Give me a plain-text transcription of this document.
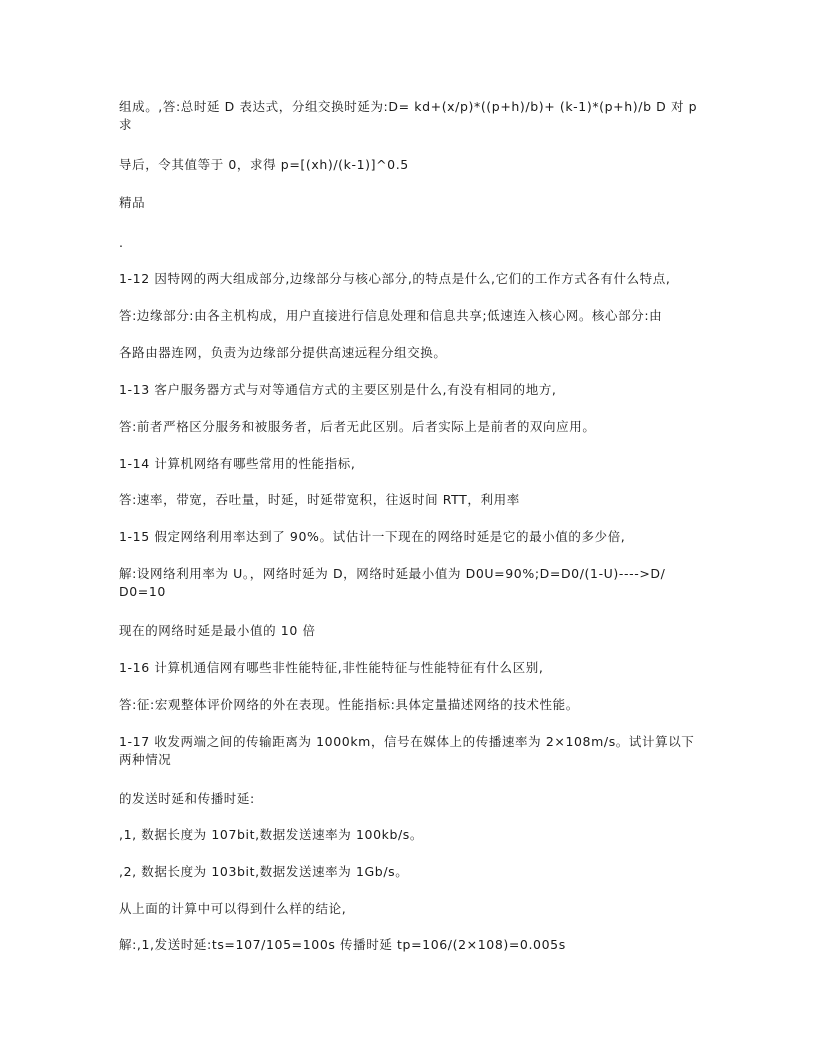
组成。,答:总时延 D 表达式，分组交换时延为:D= kd+(x/p)*((p+h)/b)+ (k-1)*(p+h)/b D 对 p 求
导后，令其值等于 0，求得 p=[(xh)/(k-1)]^0.5
精品
.
1-12 因特网的两大组成部分,边缘部分与核心部分,的特点是什么,它们的工作方式各有什么特点,
答:边缘部分:由各主机构成，用户直接进行信息处理和信息共享;低速连入核心网。核心部分:由
各路由器连网，负责为边缘部分提供高速远程分组交换。
1-13 客户服务器方式与对等通信方式的主要区别是什么,有没有相同的地方,
答:前者严格区分服务和被服务者，后者无此区别。后者实际上是前者的双向应用。
1-14 计算机网络有哪些常用的性能指标,
答:速率，带宽，吞吐量，时延，时延带宽积，往返时间 RTT，利用率
1-15 假定网络利用率达到了 90%。试估计一下现在的网络时延是它的最小值的多少倍,
解:设网络利用率为 U。，网络时延为 D，网络时延最小值为 D0U=90%;D=D0/(1-U)---->D/ D0=10
现在的网络时延是最小值的 10 倍
1-16 计算机通信网有哪些非性能特征,非性能特征与性能特征有什么区别,
答:征:宏观整体评价网络的外在表现。性能指标:具体定量描述网络的技术性能。
1-17 收发两端之间的传输距离为 1000km，信号在媒体上的传播速率为 2×108m/s。试计算以下两种情况
的发送时延和传播时延:
,1, 数据长度为 107bit,数据发送速率为 100kb/s。
,2, 数据长度为 103bit,数据发送速率为 1Gb/s。
从上面的计算中可以得到什么样的结论,
解:,1,发送时延:ts=107/105=100s 传播时延 tp=106/(2×108)=0.005s
